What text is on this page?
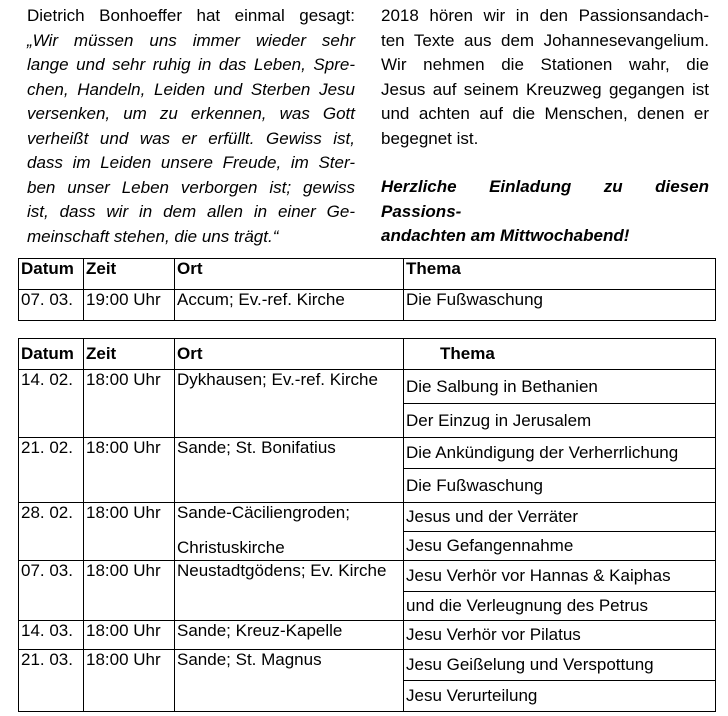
Dietrich Bonhoeffer hat einmal gesagt:
„Wir müssen uns immer wieder sehr
lange und sehr ruhig in das Leben, Spre-
chen, Handeln, Leiden und Sterben Jesu
versenken, um zu erkennen, was Gott
verheißt und was er erfüllt. Gewiss ist,
dass im Leiden unsere Freude, im Ster-
ben unser Leben verborgen ist; gewiss
ist, dass wir in dem allen in einer Ge-
meinschaft stehen, die uns trägt.“
2018 hören wir in den Passionsandach-
ten Texte aus dem Johannesevangelium.
Wir nehmen die Stationen wahr, die
Jesus auf seinem Kreuzweg gegangen ist
und achten auf die Menschen, denen er
begegnet ist.
Herzliche Einladung zu diesen Passions-
andachten am Mittwochabend!
Datum	Zeit	Ort	Thema
07. 03.	19:00 Uhr	Accum; Ev.-ref. Kirche	Die Fußwaschung
Datum	Zeit	Ort	Thema
14. 02.	18:00 Uhr	Dykhausen; Ev.-ref. Kirche	Die Salbung in Bethanien
			Der Einzug in Jerusalem
21. 02.	18:00 Uhr	Sande; St. Bonifatius	Die Ankündigung der Verherrlichung
			Die Fußwaschung
28. 02.	18:00 Uhr	Sande-Cäciliengroden;
Christuskirche	Jesus und der Verräter
			Jesu Gefangennahme
07. 03.	18:00 Uhr	Neustadtgödens; Ev. Kirche	Jesu Verhör vor Hannas & Kaiphas
			und die Verleugnung des Petrus
14. 03.	18:00 Uhr	Sande; Kreuz-Kapelle	Jesu Verhör vor Pilatus
21. 03.	18:00 Uhr	Sande; St. Magnus	Jesu Geißelung und Verspottung
			Jesu Verurteilung
